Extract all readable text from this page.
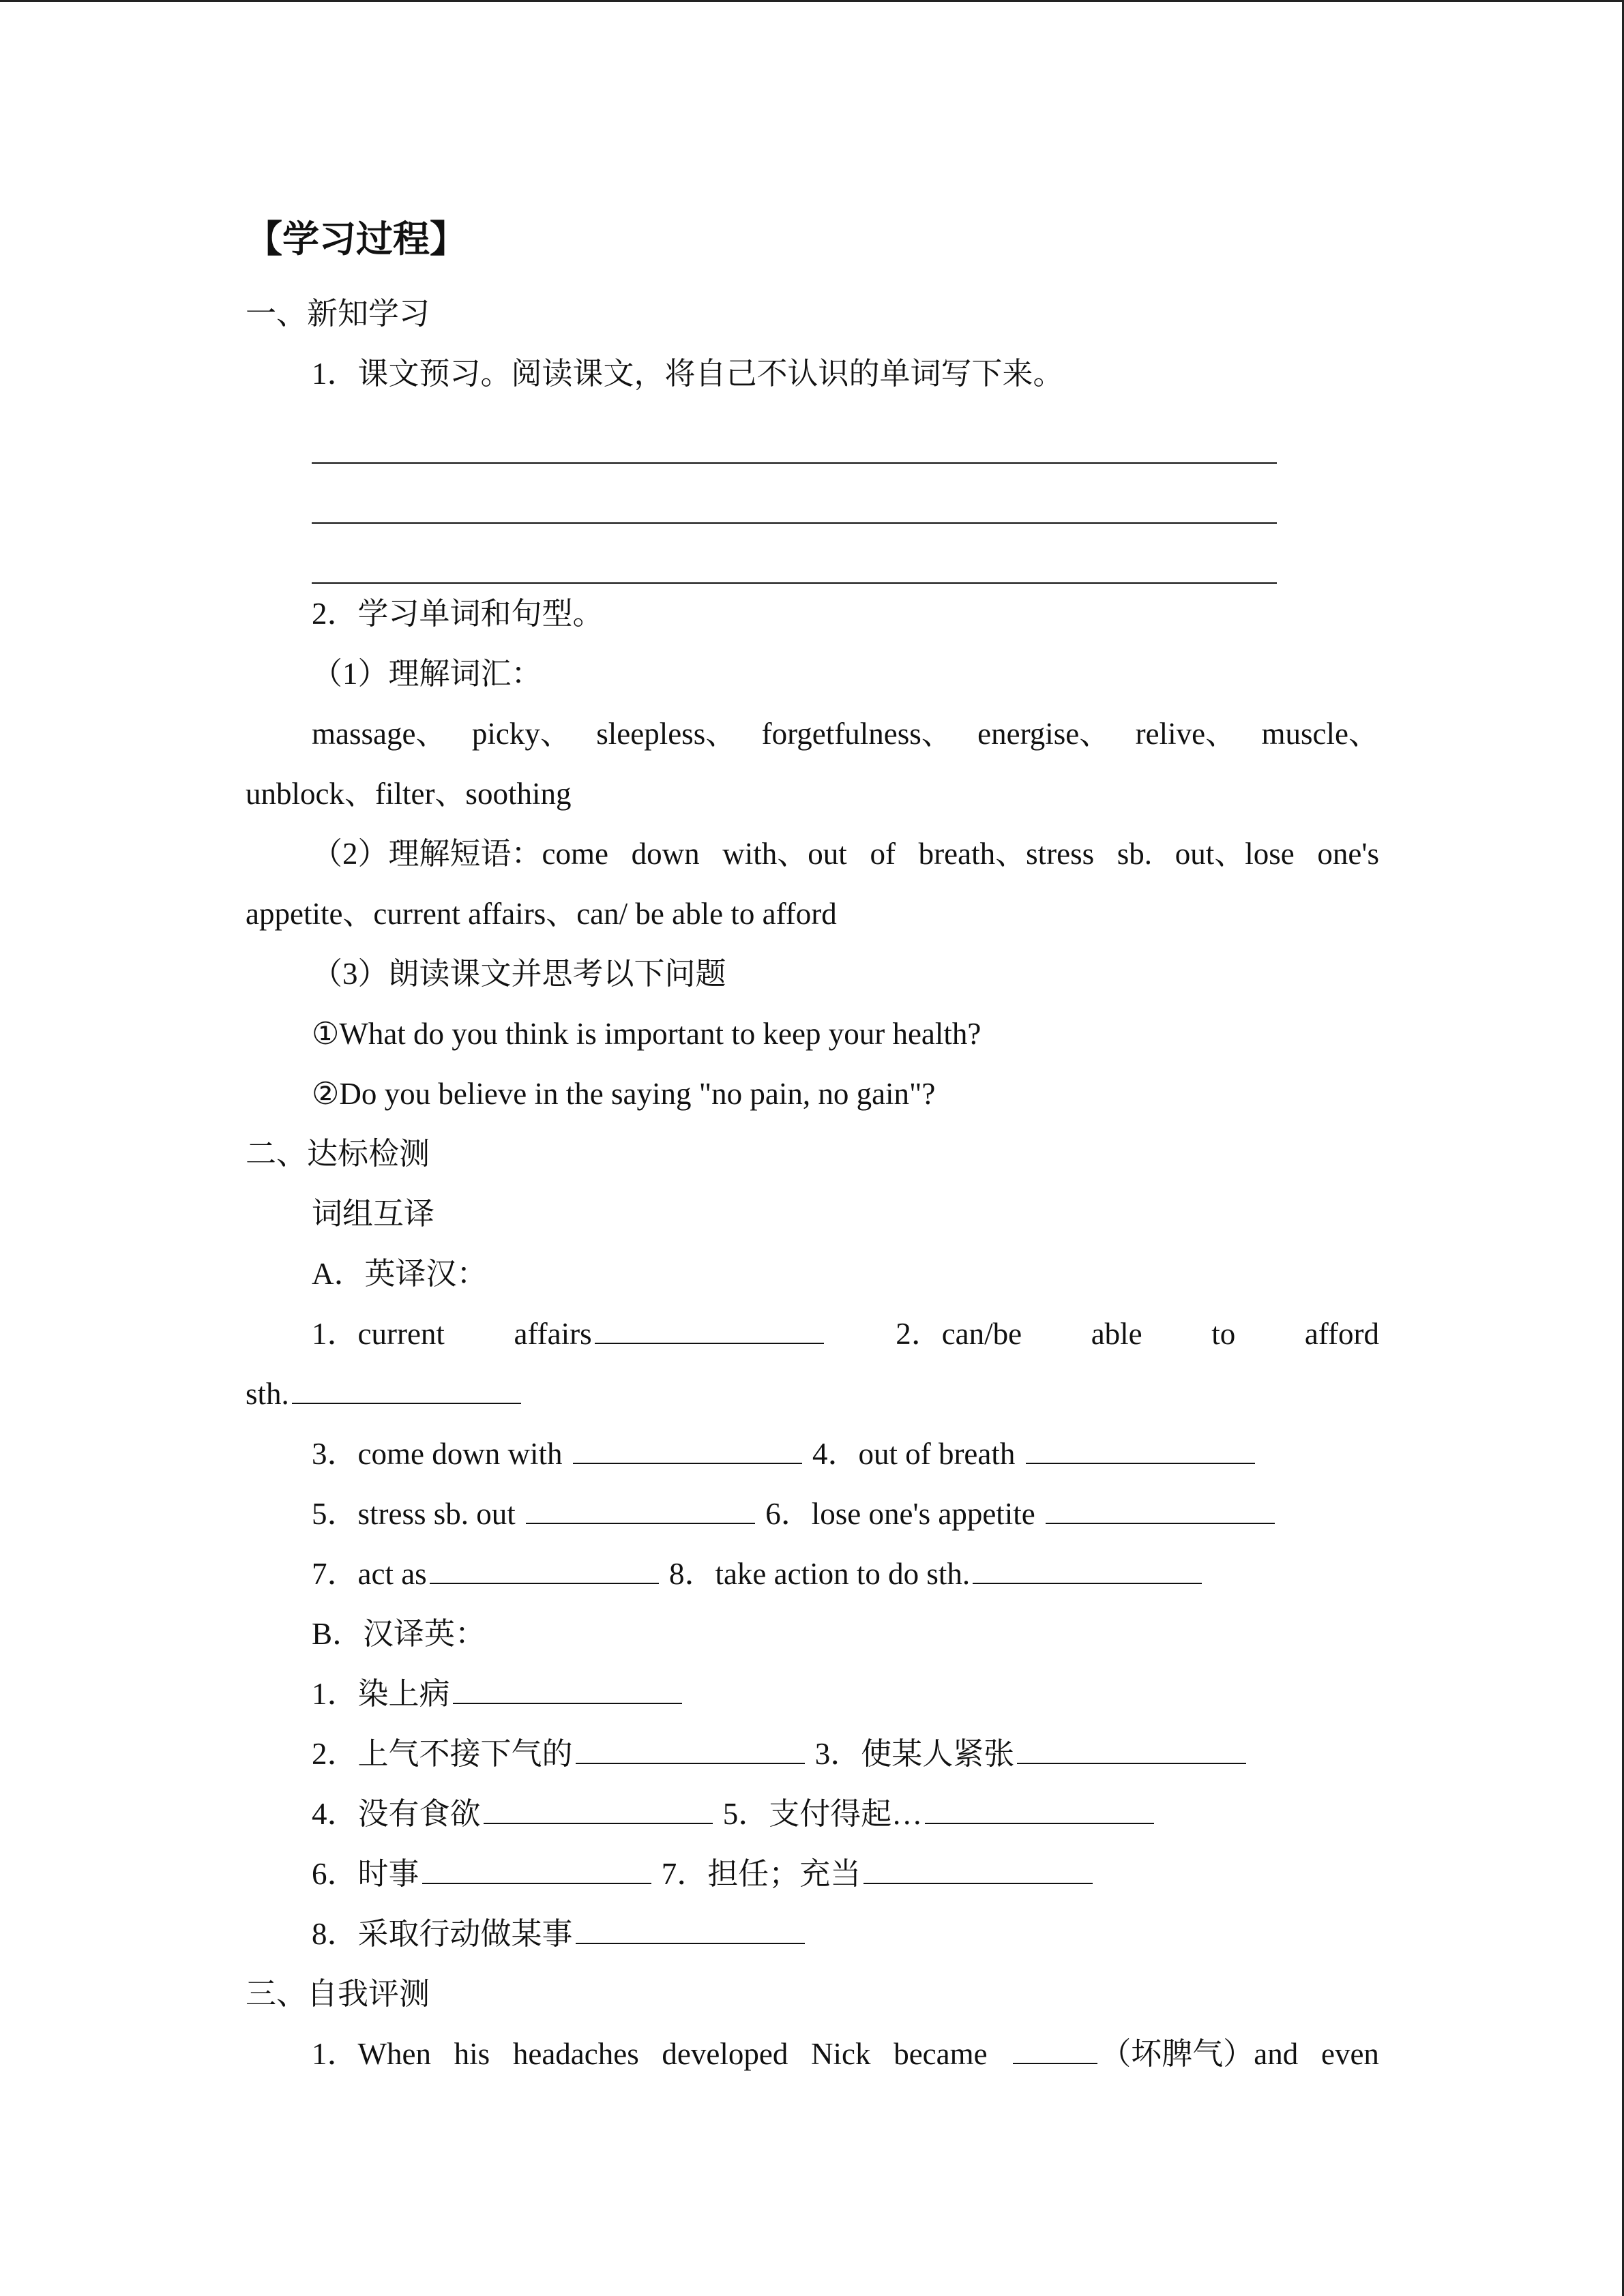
【学习过程】
一、新知学习
1．课文预习。阅读课文，将自己不认识的单词写下来。
2．学习单词和句型。
（1）理解词汇：
massage、 picky、 sleepless、 forgetfulness、 energise、 relive、 muscle、
unblock、filter、soothing
（2）理解短语：come down with、out of breath、stress sb. out、lose one's
appetite、current affairs、can/ be able to afford
（3）朗读课文并思考以下问题
①What do you think is important to keep your health?
②Do you believe in the saying "no pain, no gain"?
二、达标检测
词组互译
A．英译汉：
1．current affairs	2．can/be able to afford
sth.
3．come down with	4．out of breath
5．stress sb. out	6．lose one's appetite
7．act as	8．take action to do sth.
B．汉译英：
1．染上病
2．上气不接下气的	3．使某人紧张
4．没有食欲	5．支付得起…
6．时事	7．担任；充当
8．采取行动做某事
三、自我评测
1．When his headaches developed Nick became	（坏脾气）and even
